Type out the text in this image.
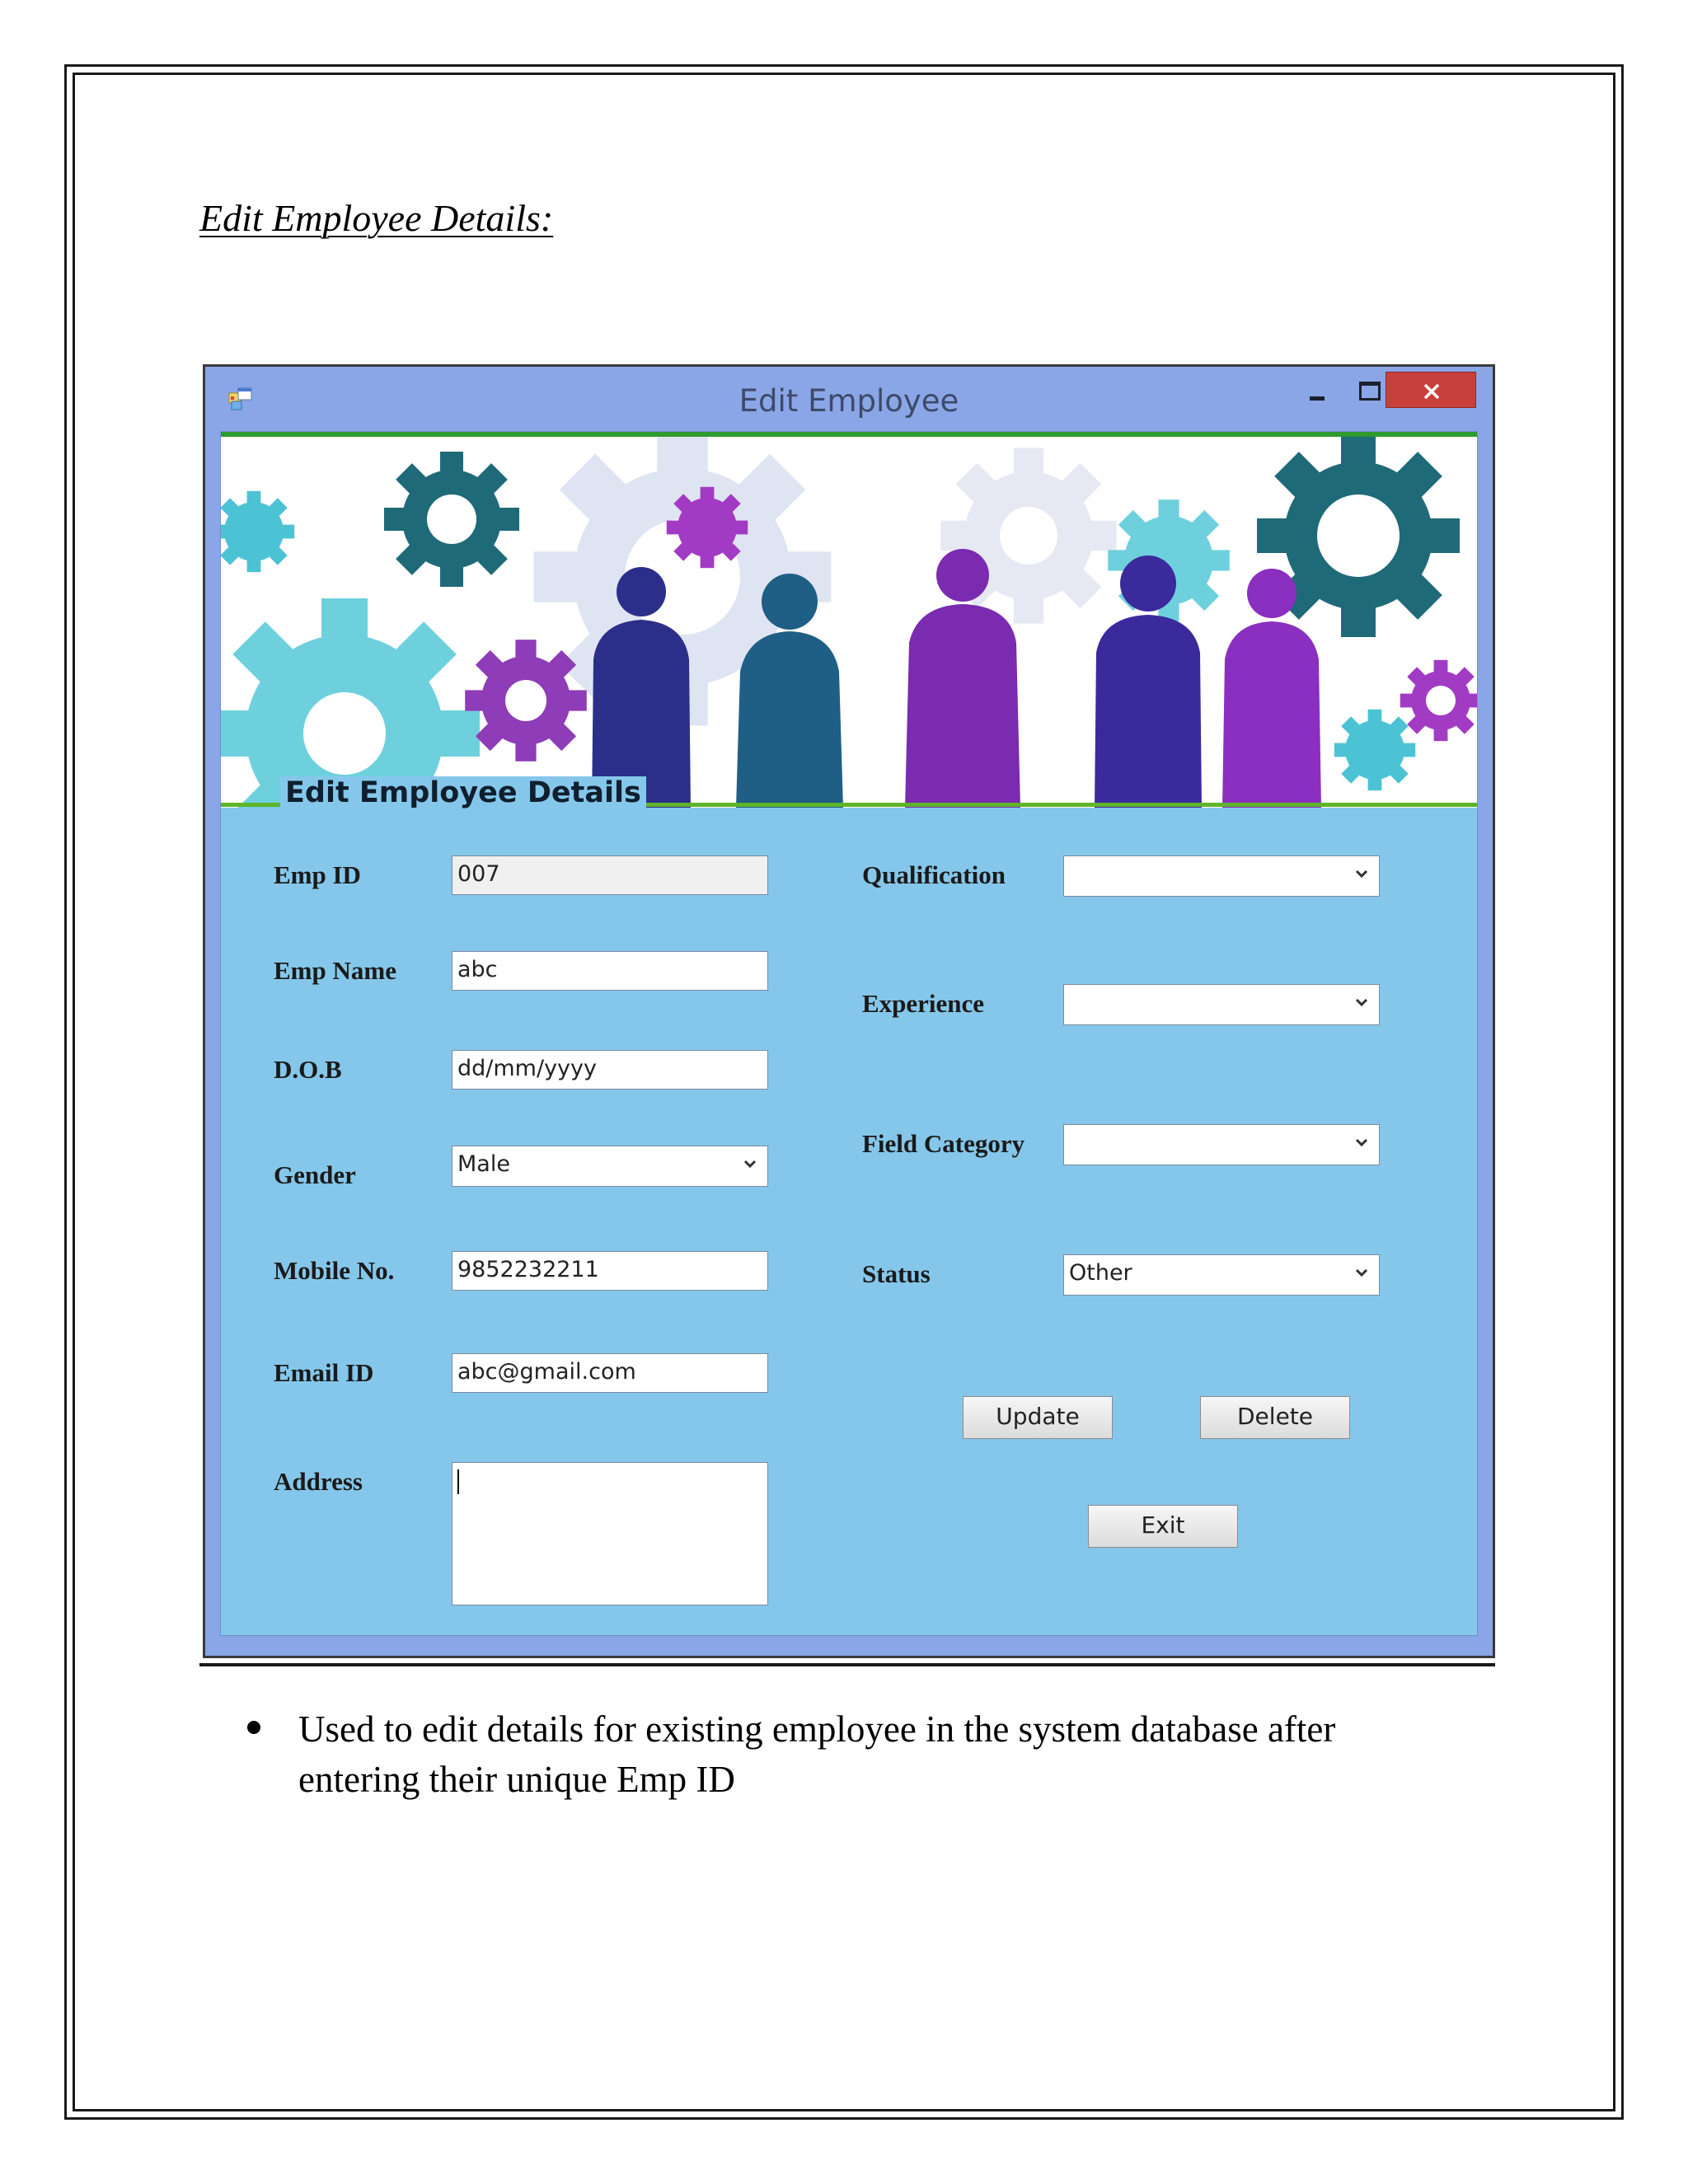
Edit Employee Details:
Edit Employee
Edit Employee Details
Emp ID	007
Emp Name	abc
D.O.B	dd/mm/yyyy
Gender	Male
Mobile No.	9852232211
Email ID	abc@gmail.com
Address
Qualification
Experience
Field Category
Status	Other
Update	Delete
Exit
Used to edit details for existing employee in the system database after entering their unique Emp ID
